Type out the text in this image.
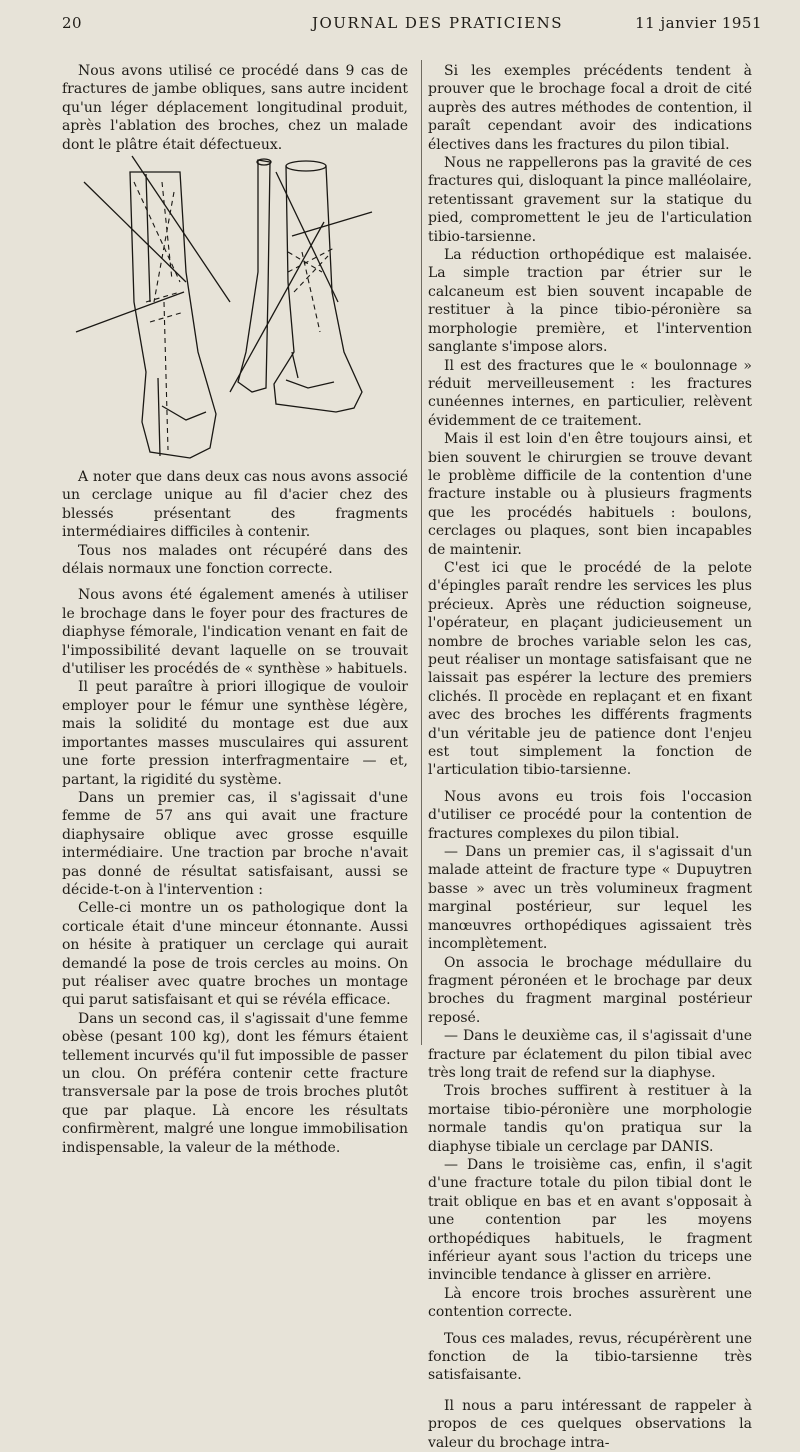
20	JOURNAL DES PRATICIENS	11 janvier 1951

Nous avons utilisé ce procédé dans 9 cas de fractures de jambe obliques, sans autre incident qu'un léger déplacement longitudinal produit, après l'ablation des broches, chez un malade dont le plâtre était défectueux.

A noter que dans deux cas nous avons associé un cerclage unique au fil d'acier chez des blessés présentant des fragments intermédiaires difficiles à contenir.

Tous nos malades ont récupéré dans des délais normaux une fonction correcte.

Nous avons été également amenés à utiliser le brochage dans le foyer pour des fractures de diaphyse fémorale, l'indication venant en fait de l'impossibilité devant laquelle on se trouvait d'utiliser les procédés de « synthèse » habituels.

Il peut paraître à priori illogique de vouloir employer pour le fémur une synthèse légère, mais la solidité du montage est due aux importantes masses musculaires qui assurent une forte pression interfragmentaire — et, partant, la rigidité du système.

Dans un premier cas, il s'agissait d'une femme de 57 ans qui avait une fracture diaphysaire oblique avec grosse esquille intermédiaire. Une traction par broche n'avait pas donné de résultat satisfaisant, aussi se décide-t-on à l'intervention :

Celle-ci montre un os pathologique dont la corticale était d'une minceur étonnante. Aussi on hésite à pratiquer un cerclage qui aurait demandé la pose de trois cercles au moins. On put réaliser avec quatre broches un montage qui parut satisfaisant et qui se révéla efficace.

Dans un second cas, il s'agissait d'une femme obèse (pesant 100 kg), dont les fémurs étaient tellement incurvés qu'il fut impossible de passer un clou. On préféra contenir cette fracture transversale par la pose de trois broches plutôt que par plaque. Là encore les résultats confirmèrent, malgré une longue immobilisation indispensable, la valeur de la méthode.

Si les exemples précédents tendent à prouver que le brochage focal a droit de cité auprès des autres méthodes de contention, il paraît cependant avoir des indications électives dans les fractures du pilon tibial.

Nous ne rappellerons pas la gravité de ces fractures qui, disloquant la pince malléolaire, retentissant gravement sur la statique du pied, compromettent le jeu de l'articulation tibio-tarsienne.

La réduction orthopédique est malaisée. La simple traction par étrier sur le calcaneum est bien souvent incapable de restituer à la pince tibio-péronière sa morphologie première, et l'intervention sanglante s'impose alors.

Il est des fractures que le « boulonnage » réduit merveilleusement : les fractures cunéennes internes, en particulier, relèvent évidemment de ce traitement.

Mais il est loin d'en être toujours ainsi, et bien souvent le chirurgien se trouve devant le problème difficile de la contention d'une fracture instable ou à plusieurs fragments que les procédés habituels : boulons, cerclages ou plaques, sont bien incapables de maintenir.

C'est ici que le procédé de la pelote d'épingles paraît rendre les services les plus précieux. Après une réduction soigneuse, l'opérateur, en plaçant judicieusement un nombre de broches variable selon les cas, peut réaliser un montage satisfaisant que ne laissait pas espérer la lecture des premiers clichés. Il procède en replaçant et en fixant avec des broches les différents fragments d'un véritable jeu de patience dont l'enjeu est tout simplement la fonction de l'articulation tibio-tarsienne.

Nous avons eu trois fois l'occasion d'utiliser ce procédé pour la contention de fractures complexes du pilon tibial.

— Dans un premier cas, il s'agissait d'un malade atteint de fracture type « Dupuytren basse » avec un très volumineux fragment marginal postérieur, sur lequel les manœuvres orthopédiques agissaient très incomplètement.

On associa le brochage médullaire du fragment péronéen et le brochage par deux broches du fragment marginal postérieur reposé.

— Dans le deuxième cas, il s'agissait d'une fracture par éclatement du pilon tibial avec très long trait de refend sur la diaphyse.

Trois broches suffirent à restituer à la mortaise tibio-péronière une morphologie normale tandis qu'on pratiqua sur la diaphyse tibiale un cerclage par DANIS.

— Dans le troisième cas, enfin, il s'agit d'une fracture totale du pilon tibial dont le trait oblique en bas et en avant s'opposait à une contention par les moyens orthopédiques habituels, le fragment inférieur ayant sous l'action du triceps une invincible tendance à glisser en arrière.

Là encore trois broches assurèrent une contention correcte.

Tous ces malades, revus, récupérèrent une fonction de la tibio-tarsienne très satisfaisante.

Il nous a paru intéressant de rappeler à propos de ces quelques observations la valeur du brochage intra-
